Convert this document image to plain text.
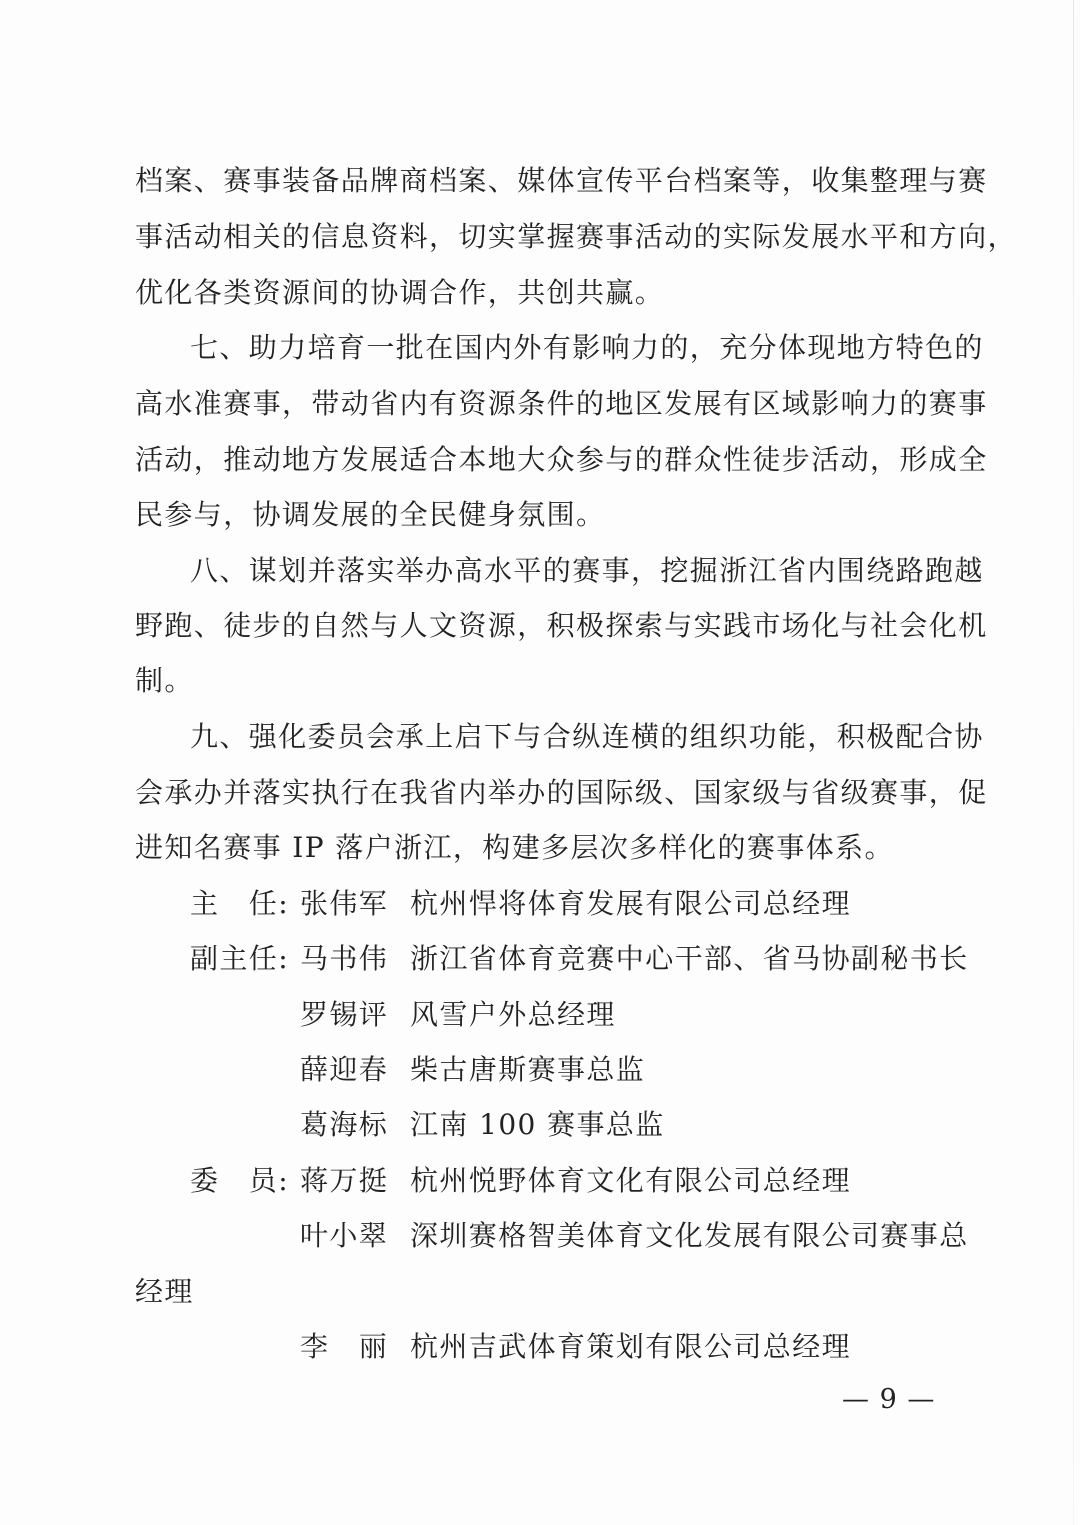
档案、赛事装备品牌商档案、媒体宣传平台档案等，收集整理与赛
事活动相关的信息资料，切实掌握赛事活动的实际发展水平和方向，
优化各类资源间的协调合作，共创共赢。
七、助力培育一批在国内外有影响力的，充分体现地方特色的
高水准赛事，带动省内有资源条件的地区发展有区域影响力的赛事
活动，推动地方发展适合本地大众参与的群众性徒步活动，形成全
民参与，协调发展的全民健身氛围。
八、谋划并落实举办高水平的赛事，挖掘浙江省内围绕路跑越
野跑、徒步的自然与人文资源，积极探索与实践市场化与社会化机
制。
九、强化委员会承上启下与合纵连横的组织功能，积极配合协
会承办并落实执行在我省内举办的国际级、国家级与省级赛事，促
进知名赛事 IP 落户浙江，构建多层次多样化的赛事体系。
主　任: 张伟军 杭州悍将体育发展有限公司总经理
副主任: 马书伟 浙江省体育竞赛中心干部、省马协副秘书长
罗锡评 风雪户外总经理
薛迎春 柴古唐斯赛事总监
葛海标 江南 100 赛事总监
委　员: 蒋万挺 杭州悦野体育文化有限公司总经理
叶小翠 深圳赛格智美体育文化发展有限公司赛事总
经理
李　丽 杭州吉武体育策划有限公司总经理
— 9 —
